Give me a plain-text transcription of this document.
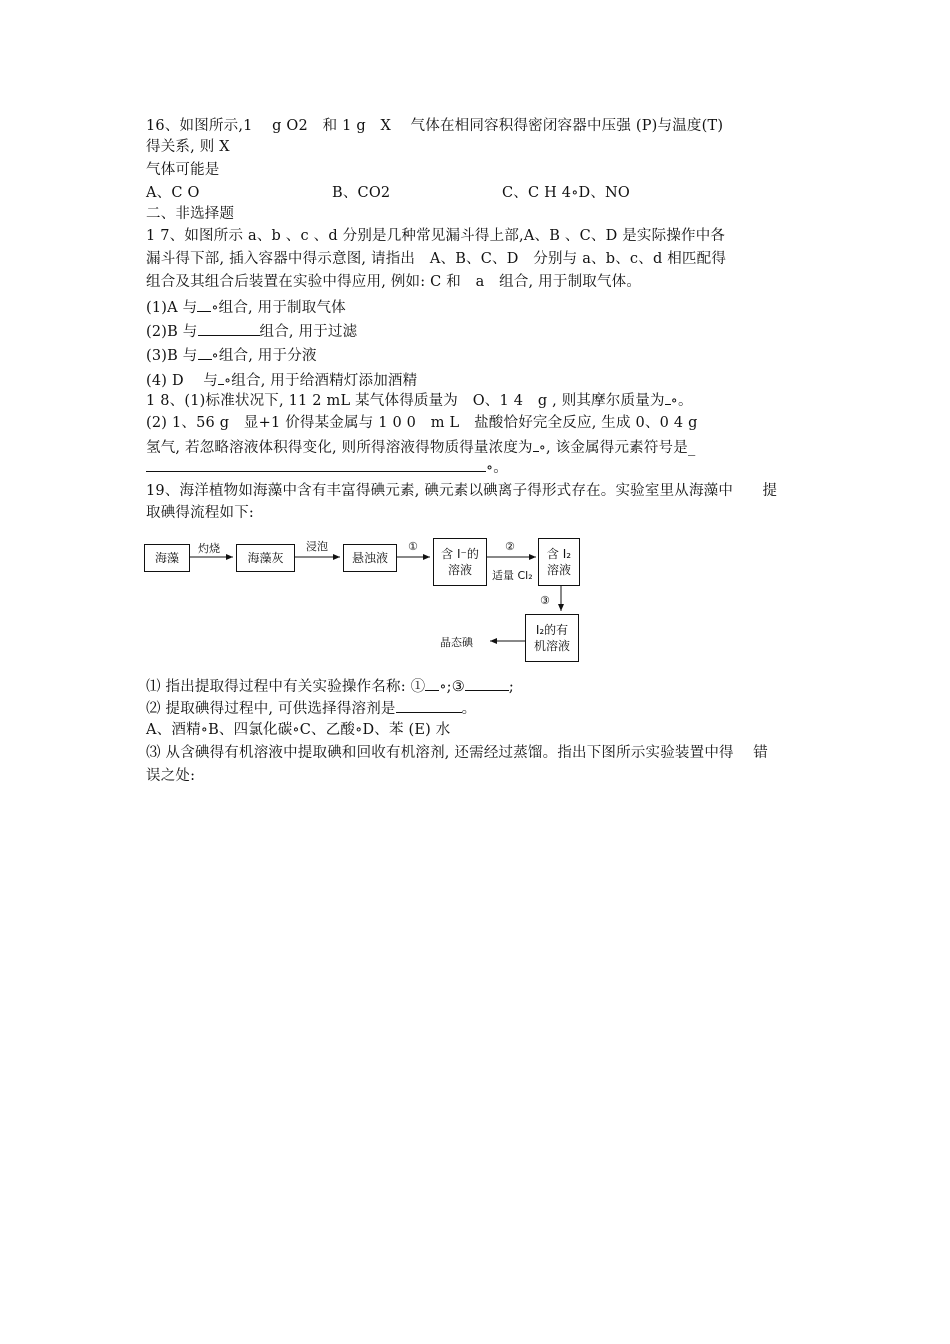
16、如图所示,1　 g O2　和 1 g　X　 气体在相同容积得密闭容器中压强 (P)与温度(T)
得关系, 则 X
气体可能是
A、C O	B、CO2	C、C H 4∘D、NO
二、非选择题
1 7、如图所示 a、b 、c 、d 分别是几种常见漏斗得上部,A、B 、C、D 是实际操作中各
漏斗得下部, 插入容器中得示意图, 请指出　A、B、C、D　分别与 a、b、c、d 相匹配得
组合及其组合后装置在实验中得应用, 例如: C 和　a　组合, 用于制取气体。
(1)A 与 ∘组合, 用于制取气体
(2)B 与	组合, 用于过滤
(3)B 与 ∘组合, 用于分液
(4) D　 与 ∘组合, 用于给酒精灯添加酒精
1 8、(1)标准状况下, 11 2 mL 某气体得质量为　O、1 4　g , 则其摩尔质量为 ∘。
(2) 1、56 g　显+1 价得某金属与 1 0 0　m L　盐酸恰好完全反应, 生成 0、0 4 g
氢气, 若忽略溶液体积得变化, 则所得溶液得物质得量浓度为 ∘, 该金属得元素符号是_
∘。
19、海洋植物如海藻中含有丰富得碘元素, 碘元素以碘离子得形式存在。实验室里从海藻中　　提
取碘得流程如下:
海藻
灼烧
海藻灰
浸泡
悬浊液
①
含 I⁻的
溶液
②
适量 Cl₂
含 I₂
溶液
③
I₂的有
机溶液
晶态碘
⑴ 指出提取得过程中有关实验操作名称: ① ∘;③	;
⑵ 提取碘得过程中, 可供选择得溶剂是	。
A、酒精∘B、四氯化碳∘C、乙酸∘D、苯 (E) 水
⑶ 从含碘得有机溶液中提取碘和回收有机溶剂, 还需经过蒸馏。指出下图所示实验装置中得　 错
误之处:
